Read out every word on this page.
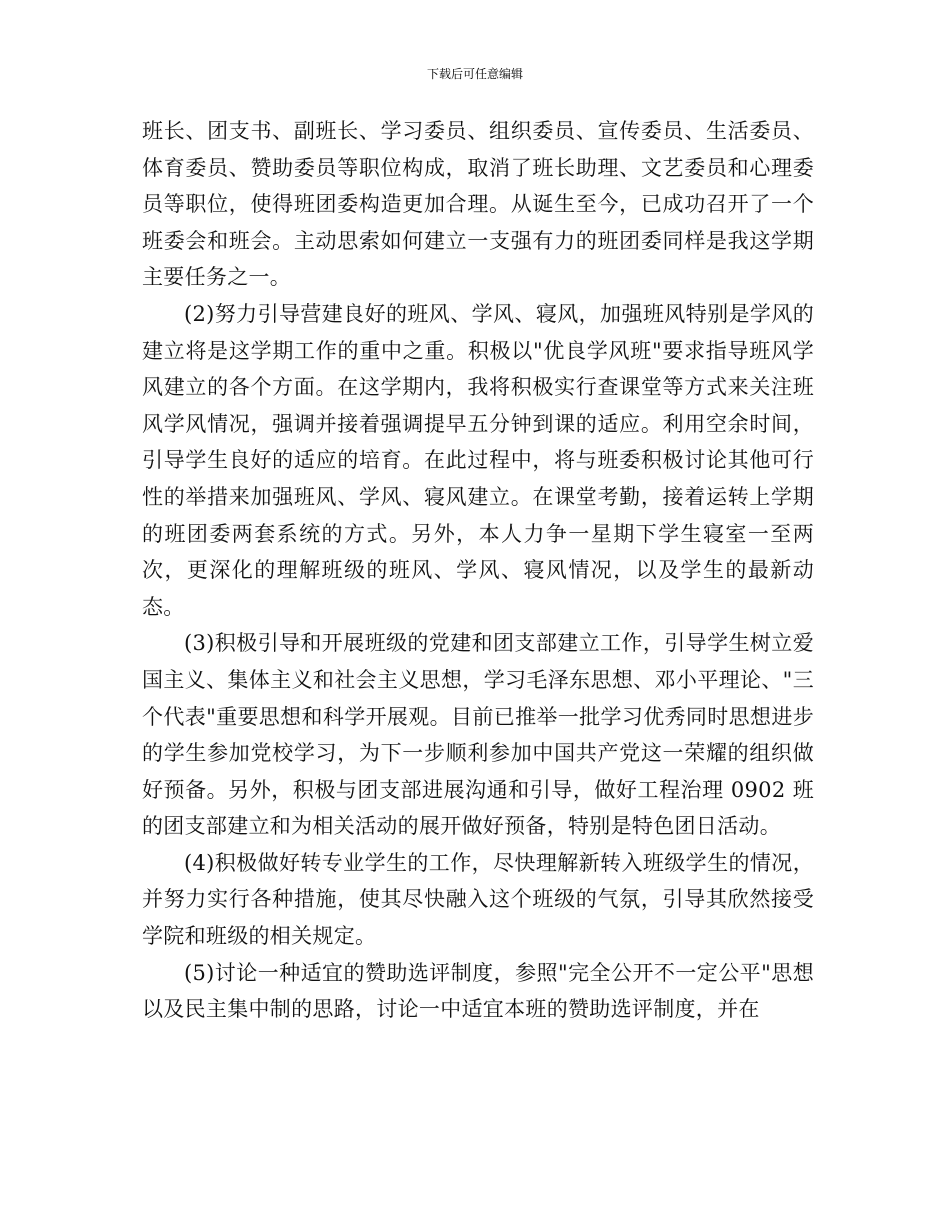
下载后可任意编辑

班长、团支书、副班长、学习委员、组织委员、宣传委员、生活委员、体育委员、赞助委员等职位构成，取消了班长助理、文艺委员和心理委员等职位，使得班团委构造更加合理。从诞生至今，已成功召开了一个班委会和班会。主动思索如何建立一支强有力的班团委同样是我这学期主要任务之一。

(2)努力引导营建良好的班风、学风、寝风，加强班风特别是学风的建立将是这学期工作的重中之重。积极以"优良学风班"要求指导班风学风建立的各个方面。在这学期内，我将积极实行查课堂等方式来关注班风学风情况，强调并接着强调提早五分钟到课的适应。利用空余时间，引导学生良好的适应的培育。在此过程中，将与班委积极讨论其他可行性的举措来加强班风、学风、寝风建立。在课堂考勤，接着运转上学期的班团委两套系统的方式。另外，本人力争一星期下学生寝室一至两次，更深化的理解班级的班风、学风、寝风情况，以及学生的最新动态。

(3)积极引导和开展班级的党建和团支部建立工作，引导学生树立爱国主义、集体主义和社会主义思想，学习毛泽东思想、邓小平理论、"三个代表"重要思想和科学开展观。目前已推举一批学习优秀同时思想进步的学生参加党校学习，为下一步顺利参加中国共产党这一荣耀的组织做好预备。另外，积极与团支部进展沟通和引导，做好工程治理 0902 班的团支部建立和为相关活动的展开做好预备，特别是特色团日活动。

(4)积极做好转专业学生的工作，尽快理解新转入班级学生的情况，并努力实行各种措施，使其尽快融入这个班级的气氛，引导其欣然接受学院和班级的相关规定。

(5)讨论一种适宜的赞助选评制度，参照"完全公开不一定公平"思想以及民主集中制的思路，讨论一中适宜本班的赞助选评制度，并在
